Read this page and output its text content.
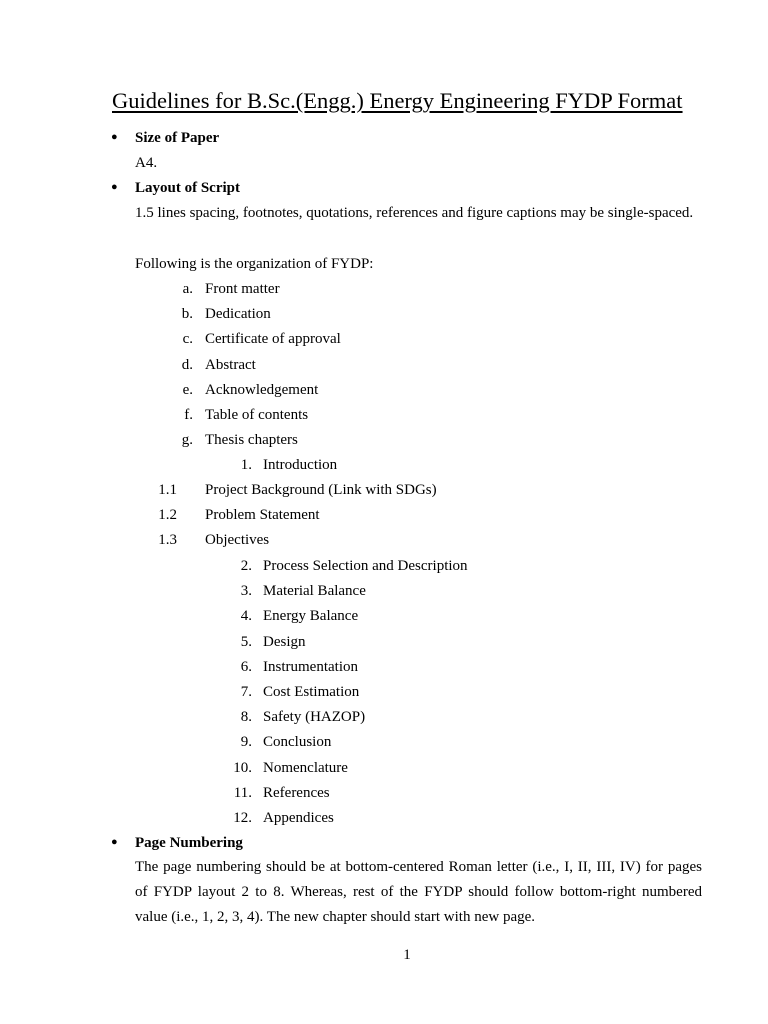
Guidelines for B.Sc.(Engg.) Energy Engineering FYDP Format
● Size of Paper
A4.
● Layout of Script
1.5 lines spacing, footnotes, quotations, references and figure captions may be single-spaced.
Following is the organization of FYDP:
a. Front matter
b. Dedication
c. Certificate of approval
d. Abstract
e. Acknowledgement
f. Table of contents
g. Thesis chapters
1. Introduction
1.1 Project Background (Link with SDGs)
1.2 Problem Statement
1.3 Objectives
2. Process Selection and Description
3. Material Balance
4. Energy Balance
5. Design
6. Instrumentation
7. Cost Estimation
8. Safety (HAZOP)
9. Conclusion
10. Nomenclature
11. References
12. Appendices
● Page Numbering
The page numbering should be at bottom-centered Roman letter (i.e., I, II, III, IV) for pages of FYDP layout 2 to 8. Whereas, rest of the FYDP should follow bottom-right numbered value (i.e., 1, 2, 3, 4). The new chapter should start with new page.
1
